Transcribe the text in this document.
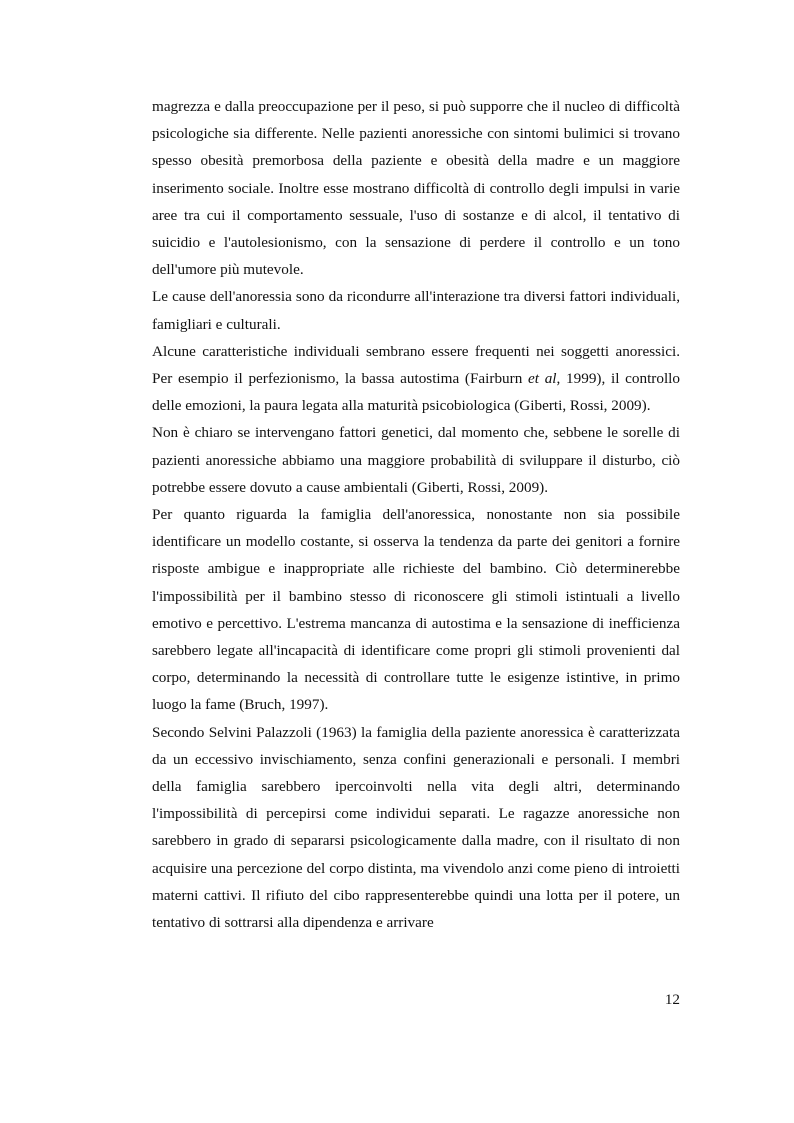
magrezza e dalla preoccupazione per il peso, si può supporre che il nucleo di difficoltà psicologiche sia differente. Nelle pazienti anoressiche con sintomi bulimici si trovano spesso obesità premorbosa della paziente e obesità della madre e un maggiore inserimento sociale. Inoltre esse mostrano difficoltà di controllo degli impulsi in varie aree tra cui il comportamento sessuale, l'uso di sostanze e di alcol, il tentativo di suicidio e l'autolesionismo, con la sensazione di perdere il controllo e un tono dell'umore più mutevole.

Le cause dell'anoressia sono da ricondurre all'interazione tra diversi fattori individuali, famigliari e culturali.

Alcune caratteristiche individuali sembrano essere frequenti nei soggetti anoressici. Per esempio il perfezionismo, la bassa autostima (Fairburn et al, 1999), il controllo delle emozioni, la paura legata alla maturità psicobiologica (Giberti, Rossi, 2009).

Non è chiaro se intervengano fattori genetici, dal momento che, sebbene le sorelle di pazienti anoressiche abbiamo una maggiore probabilità di sviluppare il disturbo, ciò potrebbe essere dovuto a cause ambientali (Giberti, Rossi, 2009).

Per quanto riguarda la famiglia dell'anoressica, nonostante non sia possibile identificare un modello costante, si osserva la tendenza da parte dei genitori a fornire risposte ambigue e inappropriate alle richieste del bambino. Ciò determinerebbe l'impossibilità per il bambino stesso di riconoscere gli stimoli istintuali a livello emotivo e percettivo. L'estrema mancanza di autostima e la sensazione di inefficienza sarebbero legate all'incapacità di identificare come propri gli stimoli provenienti dal corpo, determinando la necessità di controllare tutte le esigenze istintive, in primo luogo la fame (Bruch, 1997).

Secondo Selvini Palazzoli (1963) la famiglia della paziente anoressica è caratterizzata da un eccessivo invischiamento, senza confini generazionali e personali. I membri della famiglia sarebbero ipercoinvolti nella vita degli altri, determinando l'impossibilità di percepirsi come individui separati. Le ragazze anoressiche non sarebbero in grado di separarsi psicologicamente dalla madre, con il risultato di non acquisire una percezione del corpo distinta, ma vivendolo anzi come pieno di introietti materni cattivi. Il rifiuto del cibo rappresenterebbe quindi una lotta per il potere, un tentativo di sottrarsi alla dipendenza e arrivare

12
